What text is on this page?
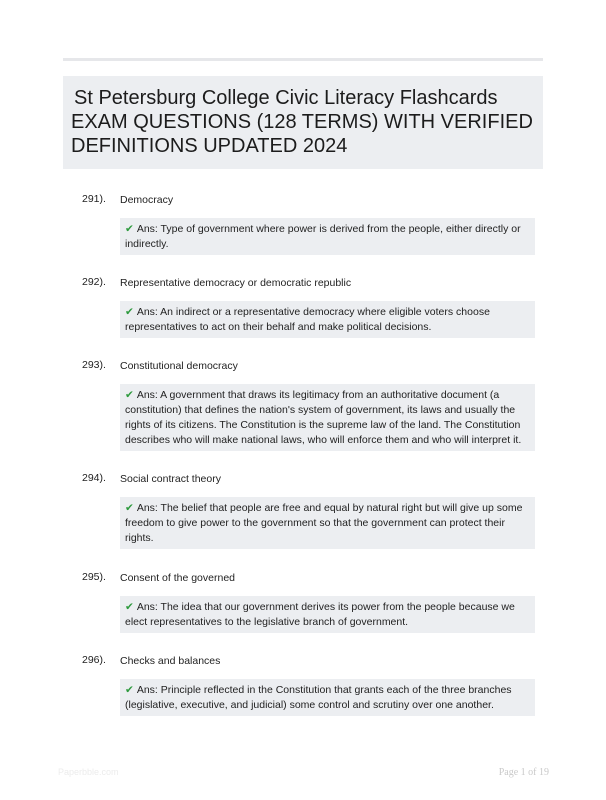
St Petersburg College Civic Literacy Flashcards
EXAM QUESTIONS (128 TERMS) WITH VERIFIED
DEFINITIONS UPDATED 2024
291). Democracy
✔ Ans: Type of government where power is derived from the people, either directly or indirectly.
292). Representative democracy or democratic republic
✔ Ans: An indirect or a representative democracy where eligible voters choose representatives to act on their behalf and make political decisions.
293). Constitutional democracy
✔ Ans: A government that draws its legitimacy from an authoritative document (a constitution) that defines the nation's system of government, its laws and usually the rights of its citizens. The Constitution is the supreme law of the land. The Constitution describes who will make national laws, who will enforce them and who will interpret it.
294). Social contract theory
✔ Ans: The belief that people are free and equal by natural right but will give up some freedom to give power to the government so that the government can protect their rights.
295). Consent of the governed
✔ Ans: The idea that our government derives its power from the people because we elect representatives to the legislative branch of government.
296). Checks and balances
✔ Ans: Principle reflected in the Constitution that grants each of the three branches (legislative, executive, and judicial) some control and scrutiny over one another.
Paperbble.com	Page 1 of 19
